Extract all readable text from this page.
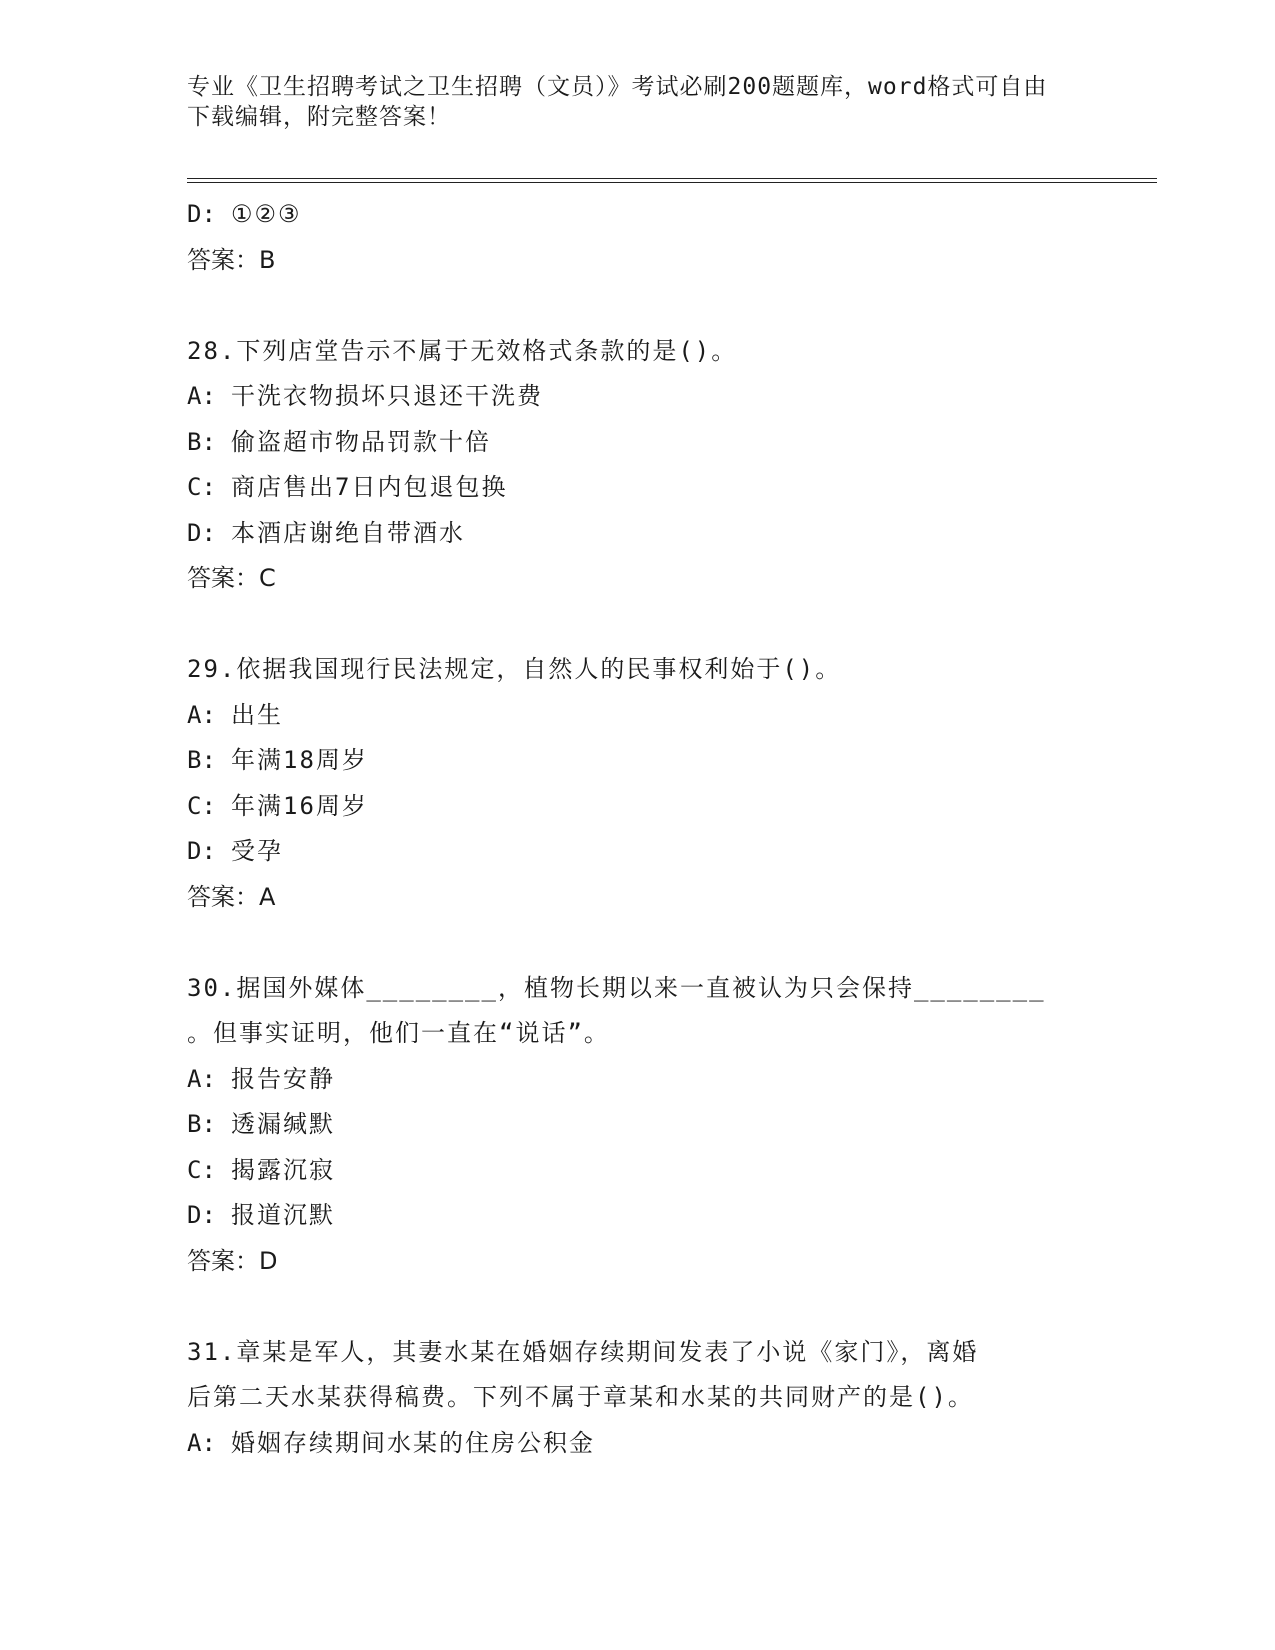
专业《卫生招聘考试之卫生招聘（文员）》考试必刷200题题库，word格式可自由下载编辑，附完整答案！
D: ①②③
答案：B
28.下列店堂告示不属于无效格式条款的是()。
A: 干洗衣物损坏只退还干洗费
B: 偷盗超市物品罚款十倍
C: 商店售出7日内包退包换
D: 本酒店谢绝自带酒水
答案：C
29.依据我国现行民法规定，自然人的民事权利始于()。
A: 出生
B: 年满18周岁
C: 年满16周岁
D: 受孕
答案：A
30.据国外媒体________，植物长期以来一直被认为只会保持________
。但事实证明，他们一直在“说话”。
A: 报告安静
B: 透漏缄默
C: 揭露沉寂
D: 报道沉默
答案：D
31.章某是军人，其妻水某在婚姻存续期间发表了小说《家门》，离婚
后第二天水某获得稿费。下列不属于章某和水某的共同财产的是()。
A: 婚姻存续期间水某的住房公积金
